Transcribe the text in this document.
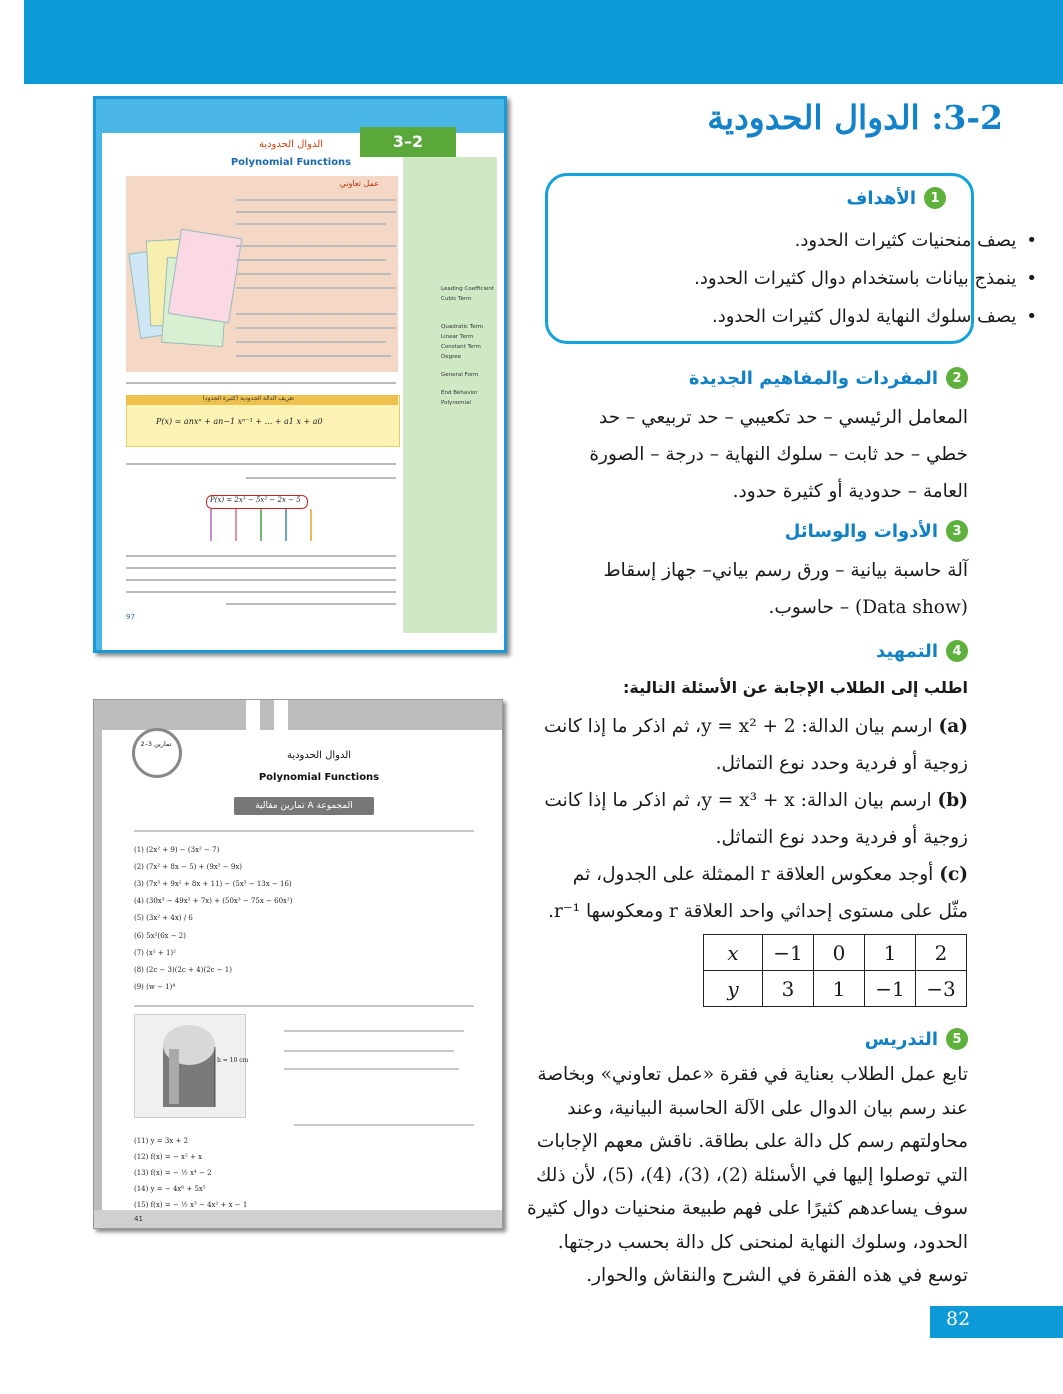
3-2: الدوال الحدودية
1
الأهداف
• يصف منحنيات كثيرات الحدود.
• ينمذج بيانات باستخدام دوال كثيرات الحدود.
• يصف سلوك النهاية لدوال كثيرات الحدود.
2
المفردات والمفاهيم الجديدة
المعامل الرئيسي – حد تكعيبي – حد تربيعي – حد
خطي – حد ثابت – سلوك النهاية – درجة – الصورة
العامة – حدودية أو كثيرة حدود.
3
الأدوات والوسائل
آلة حاسبة بيانية – ورق رسم بياني– جهاز إسقاط
(Data show) – حاسوب.
4
التمهيد
اطلب إلى الطلاب الإجابة عن الأسئلة التالية:
(a) ارسم بيان الدالة: y = x² + 2، ثم اذكر ما إذا كانت
زوجية أو فردية وحدد نوع التماثل.
(b) ارسم بيان الدالة: y = x³ + x، ثم اذكر ما إذا كانت
زوجية أو فردية وحدد نوع التماثل.
(c) أوجد معكوس العلاقة r الممثلة على الجدول، ثم
مثّل على مستوى إحداثي واحد العلاقة r ومعكوسها r⁻¹.
x	−1	0	1	2
y	3	1	−1	−3
5
التدريس
تابع عمل الطلاب بعناية في فقرة «عمل تعاوني» وبخاصة
عند رسم بيان الدوال على الآلة الحاسبة البيانية، وعند
محاولتهم رسم كل دالة على بطاقة. ناقش معهم الإجابات
التي توصلوا إليها في الأسئلة (2)، (3)، (4)، (5)، لأن ذلك
سوف يساعدهم كثيرًا على فهم طبيعة منحنيات دوال كثيرة
الحدود، وسلوك النهاية لمنحنى كل دالة بحسب درجتها.
توسع في هذه الفقرة في الشرح والنقاش والحوار.
82
3–2
الدوال الحدودية
Polynomial Functions
عمل تعاوني
تعريف الدالة الحدودية (كثيرة الحدود)
P(x) = anxⁿ + an−1 xⁿ⁻¹ + ... + a1 x + a0
P(x) = 2x³ − 5x² − 2x − 5
Leading Coefficient
Cubic Term
Quadratic Term
Linear Term
Constant Term
Degree
General Form
End Behavior
Polynomial
97
تمارين 3–2
الدوال الحدودية
Polynomial Functions
المجموعة A تمارين مقالية
(1) (2x² + 9) − (3x² − 7)
(2) (7x² + 8x − 5) + (9x² − 9x)
(3) (7x³ + 9x² + 8x + 11) − (5x³ − 13x − 16)
(4) (30x³ − 49x² + 7x) + (50x³ − 75x − 60x²)
(5) (3x² + 4x) / 6
(6) 5x²(6x − 2)
(7) (x² + 1)²
(8) (2c − 3)(2c + 4)(2c − 1)
(9) (w − 1)⁴
h = 10 cm
(11) y = 3x + 2
(12) f(x) = − x² + x
(13) f(x) = − ½ x⁴ − 2
(14) y = − 4x⁶ + 5x⁵
(15) f(x) = − ½ x³ − 4x² + x − 1
41
